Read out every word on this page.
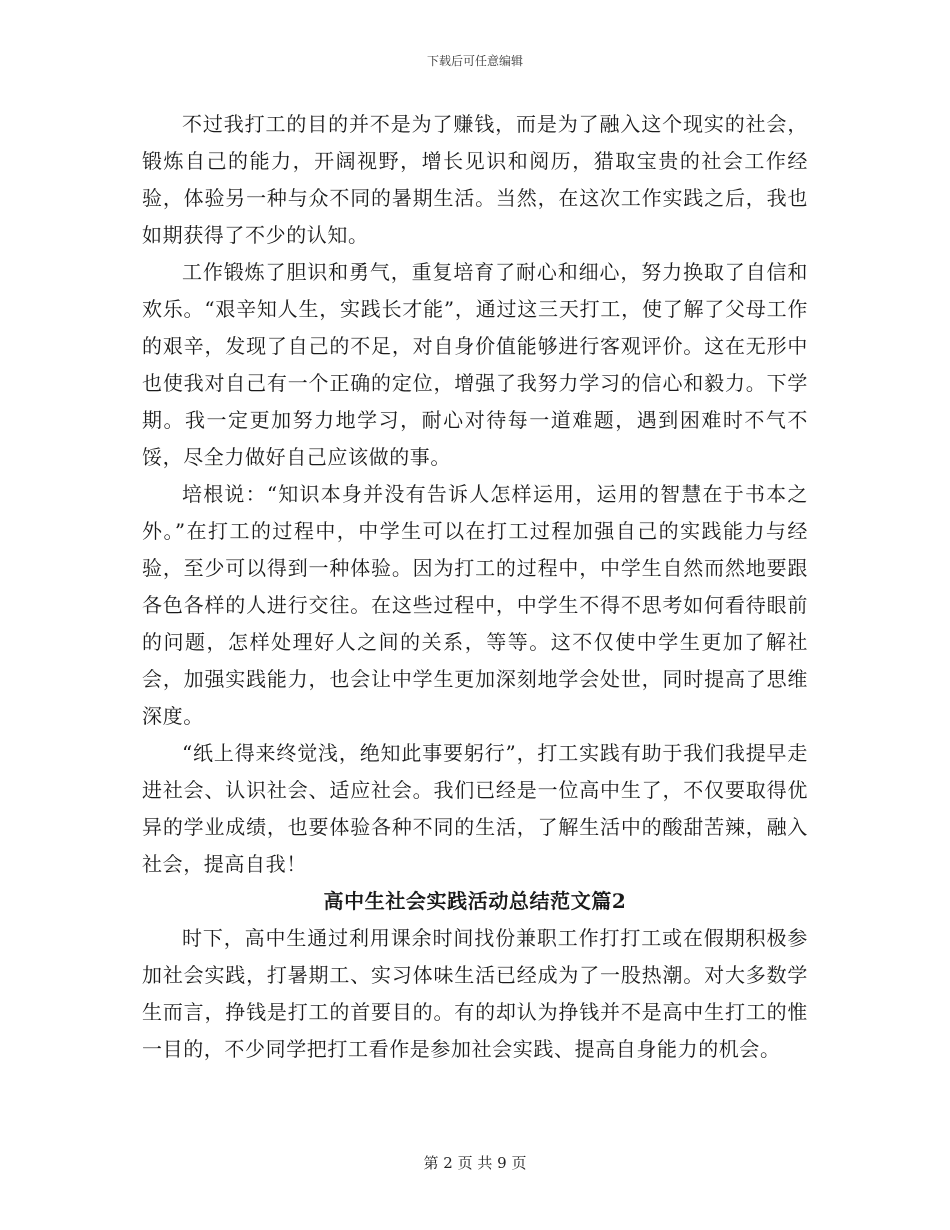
下载后可任意编辑

不过我打工的目的并不是为了赚钱，而是为了融入这个现实的社会，锻炼自己的能力，开阔视野，增长见识和阅历，猎取宝贵的社会工作经验，体验另一种与众不同的暑期生活。当然，在这次工作实践之后，我也如期获得了不少的认知。

工作锻炼了胆识和勇气，重复培育了耐心和细心，努力换取了自信和欢乐。“艰辛知人生，实践长才能”，通过这三天打工，使了解了父母工作的艰辛，发现了自己的不足，对自身价值能够进行客观评价。这在无形中也使我对自己有一个正确的定位，增强了我努力学习的信心和毅力。下学期。我一定更加努力地学习，耐心对待每一道难题，遇到困难时不气不馁，尽全力做好自己应该做的事。

培根说：“知识本身并没有告诉人怎样运用，运用的智慧在于书本之外。”在打工的过程中，中学生可以在打工过程加强自己的实践能力与经验，至少可以得到一种体验。因为打工的过程中，中学生自然而然地要跟各色各样的人进行交往。在这些过程中，中学生不得不思考如何看待眼前的问题，怎样处理好人之间的关系，等等。这不仅使中学生更加了解社会，加强实践能力，也会让中学生更加深刻地学会处世，同时提高了思维深度。

“纸上得来终觉浅，绝知此事要躬行”，打工实践有助于我们我提早走进社会、认识社会、适应社会。我们已经是一位高中生了，不仅要取得优异的学业成绩，也要体验各种不同的生活，了解生活中的酸甜苦辣，融入社会，提高自我！

高中生社会实践活动总结范文篇2

时下，高中生通过利用课余时间找份兼职工作打打工或在假期积极参加社会实践，打暑期工、实习体味生活已经成为了一股热潮。对大多数学生而言，挣钱是打工的首要目的。有的却认为挣钱并不是高中生打工的惟一目的，不少同学把打工看作是参加社会实践、提高自身能力的机会。

第 2 页 共 9 页
